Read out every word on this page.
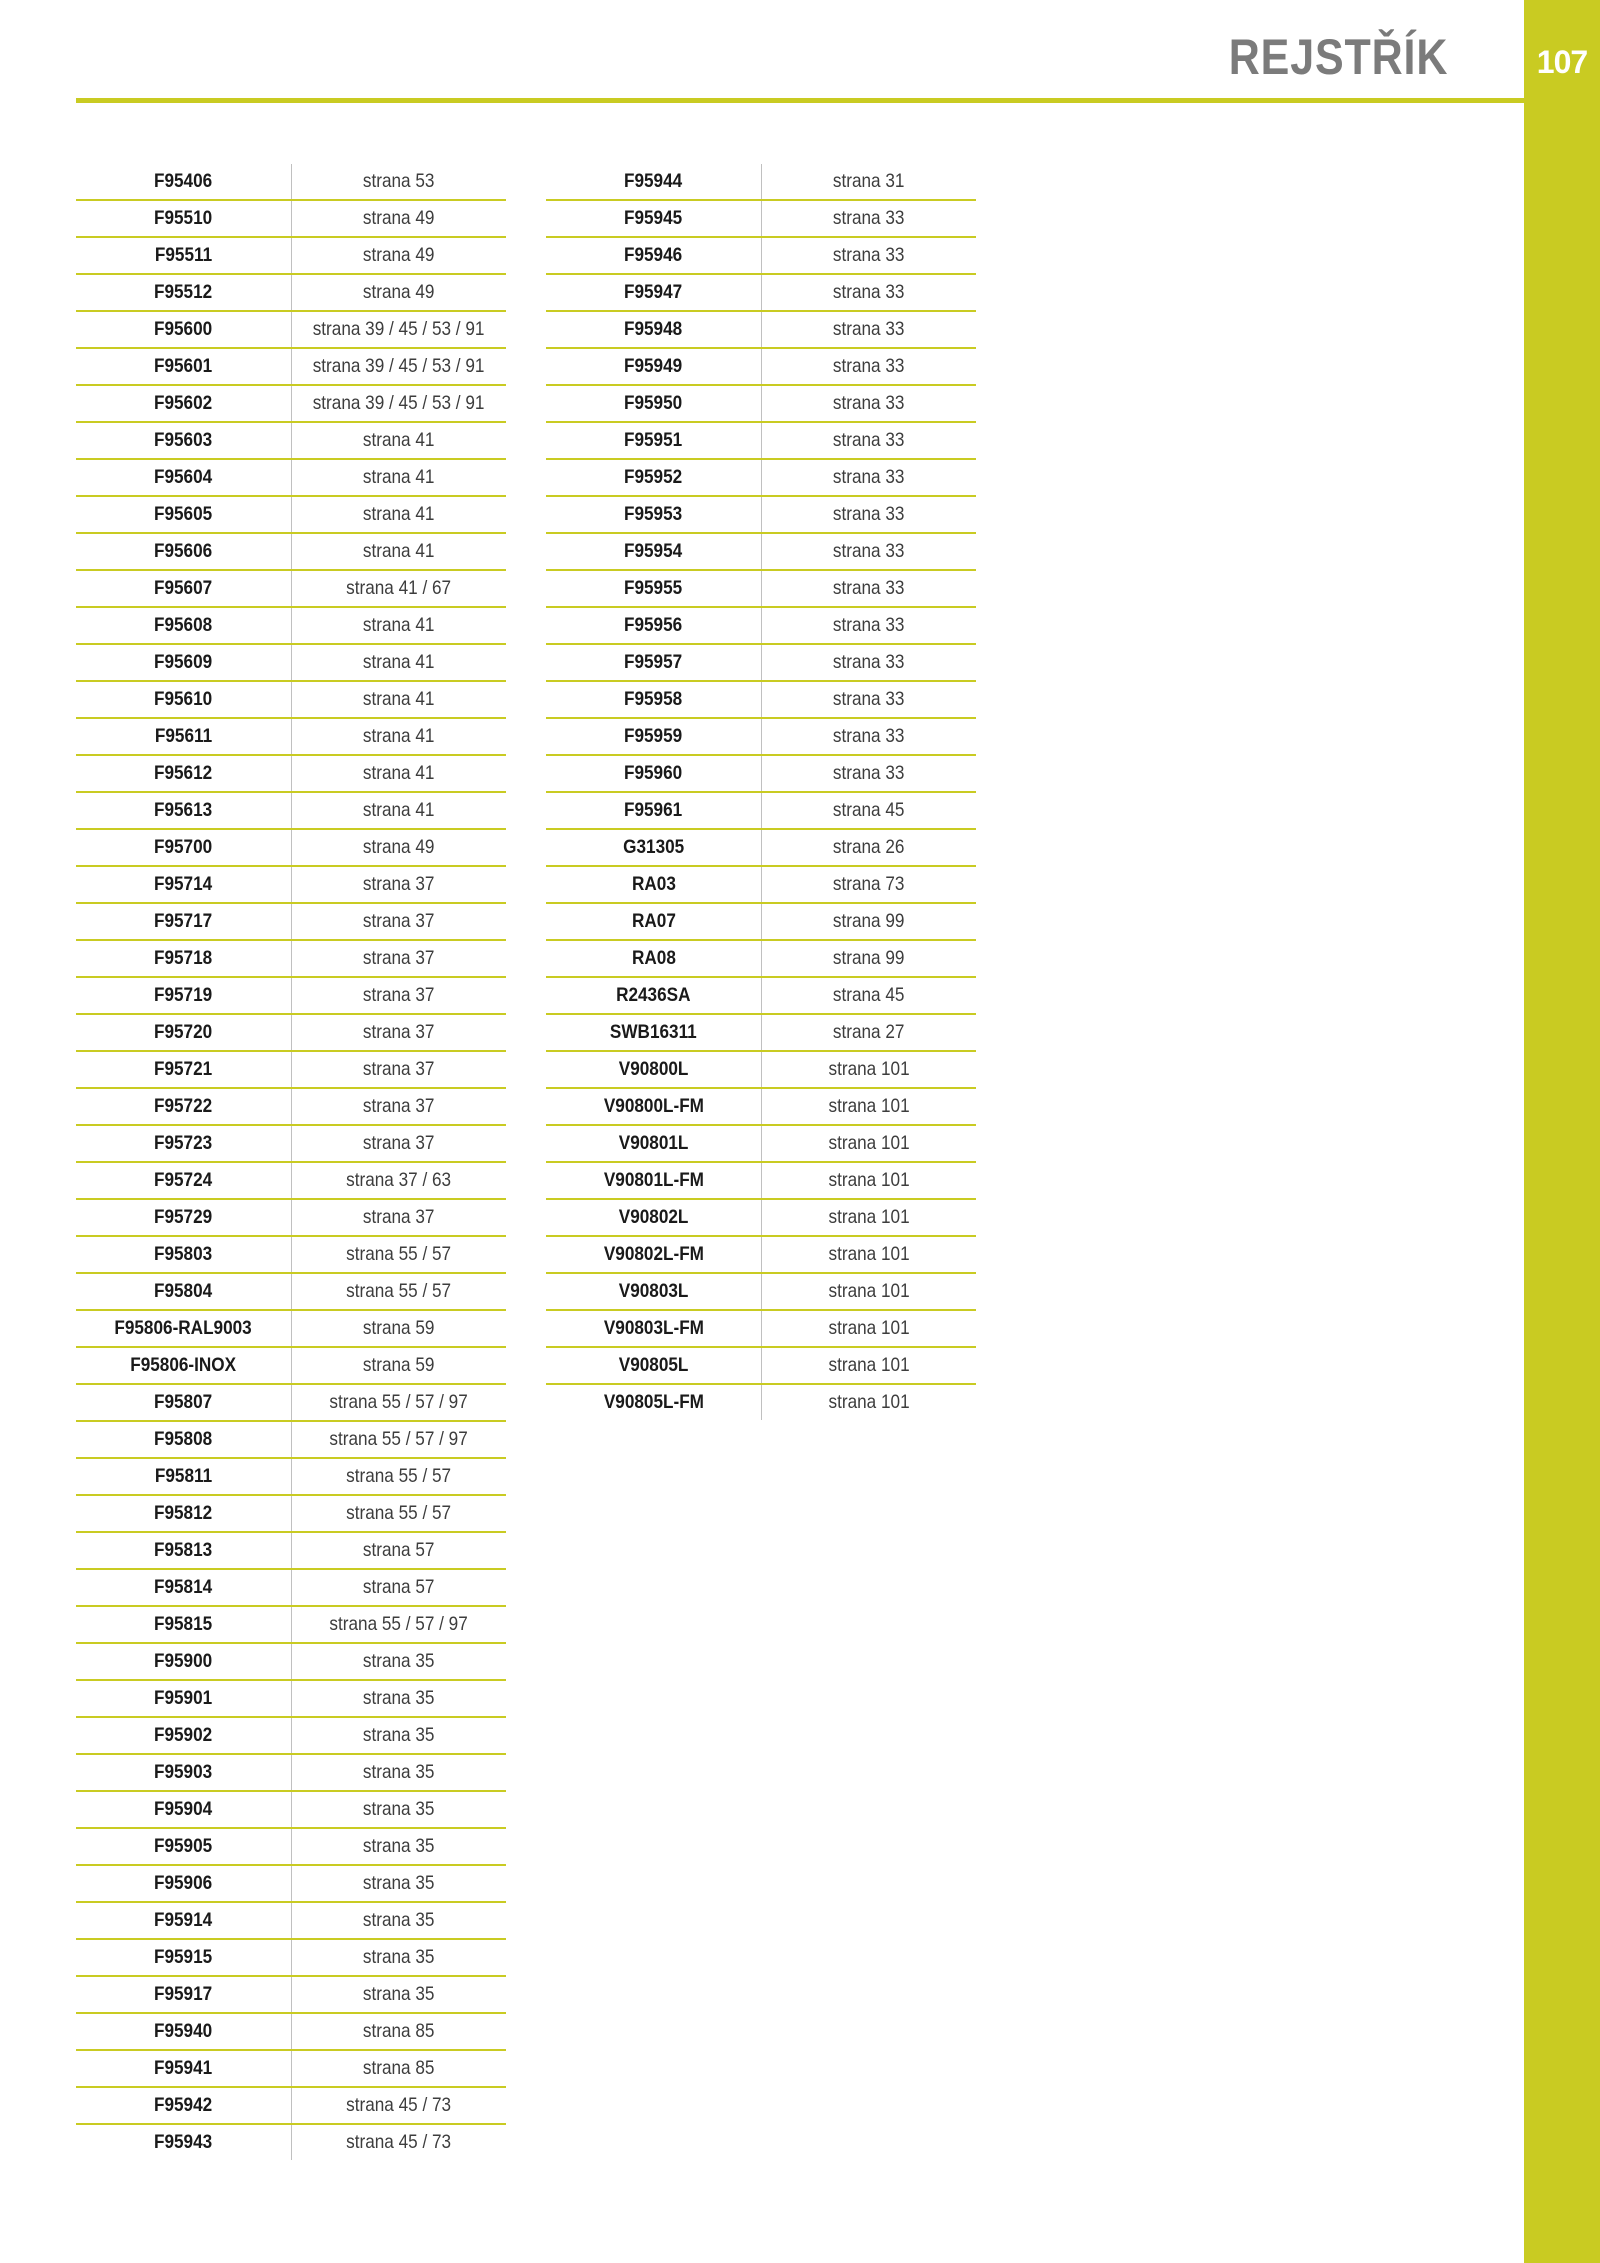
107
REJSTŘÍK
F95406	strana 53
F95510	strana 49
F95511	strana 49
F95512	strana 49
F95600	strana 39 / 45 / 53 / 91
F95601	strana 39 / 45 / 53 / 91
F95602	strana 39 / 45 / 53 / 91
F95603	strana 41
F95604	strana 41
F95605	strana 41
F95606	strana 41
F95607	strana 41 / 67
F95608	strana 41
F95609	strana 41
F95610	strana 41
F95611	strana 41
F95612	strana 41
F95613	strana 41
F95700	strana 49
F95714	strana 37
F95717	strana 37
F95718	strana 37
F95719	strana 37
F95720	strana 37
F95721	strana 37
F95722	strana 37
F95723	strana 37
F95724	strana 37 / 63
F95729	strana 37
F95803	strana 55 / 57
F95804	strana 55 / 57
F95806-RAL9003	strana 59
F95806-INOX	strana 59
F95807	strana 55 / 57 / 97
F95808	strana 55 / 57 / 97
F95811	strana 55 / 57
F95812	strana 55 / 57
F95813	strana 57
F95814	strana 57
F95815	strana 55 / 57 / 97
F95900	strana 35
F95901	strana 35
F95902	strana 35
F95903	strana 35
F95904	strana 35
F95905	strana 35
F95906	strana 35
F95914	strana 35
F95915	strana 35
F95917	strana 35
F95940	strana 85
F95941	strana 85
F95942	strana 45 / 73
F95943	strana 45 / 73
F95944	strana 31
F95945	strana 33
F95946	strana 33
F95947	strana 33
F95948	strana 33
F95949	strana 33
F95950	strana 33
F95951	strana 33
F95952	strana 33
F95953	strana 33
F95954	strana 33
F95955	strana 33
F95956	strana 33
F95957	strana 33
F95958	strana 33
F95959	strana 33
F95960	strana 33
F95961	strana 45
G31305	strana 26
RA03	strana 73
RA07	strana 99
RA08	strana 99
R2436SA	strana 45
SWB16311	strana 27
V90800L	strana 101
V90800L-FM	strana 101
V90801L	strana 101
V90801L-FM	strana 101
V90802L	strana 101
V90802L-FM	strana 101
V90803L	strana 101
V90803L-FM	strana 101
V90805L	strana 101
V90805L-FM	strana 101
